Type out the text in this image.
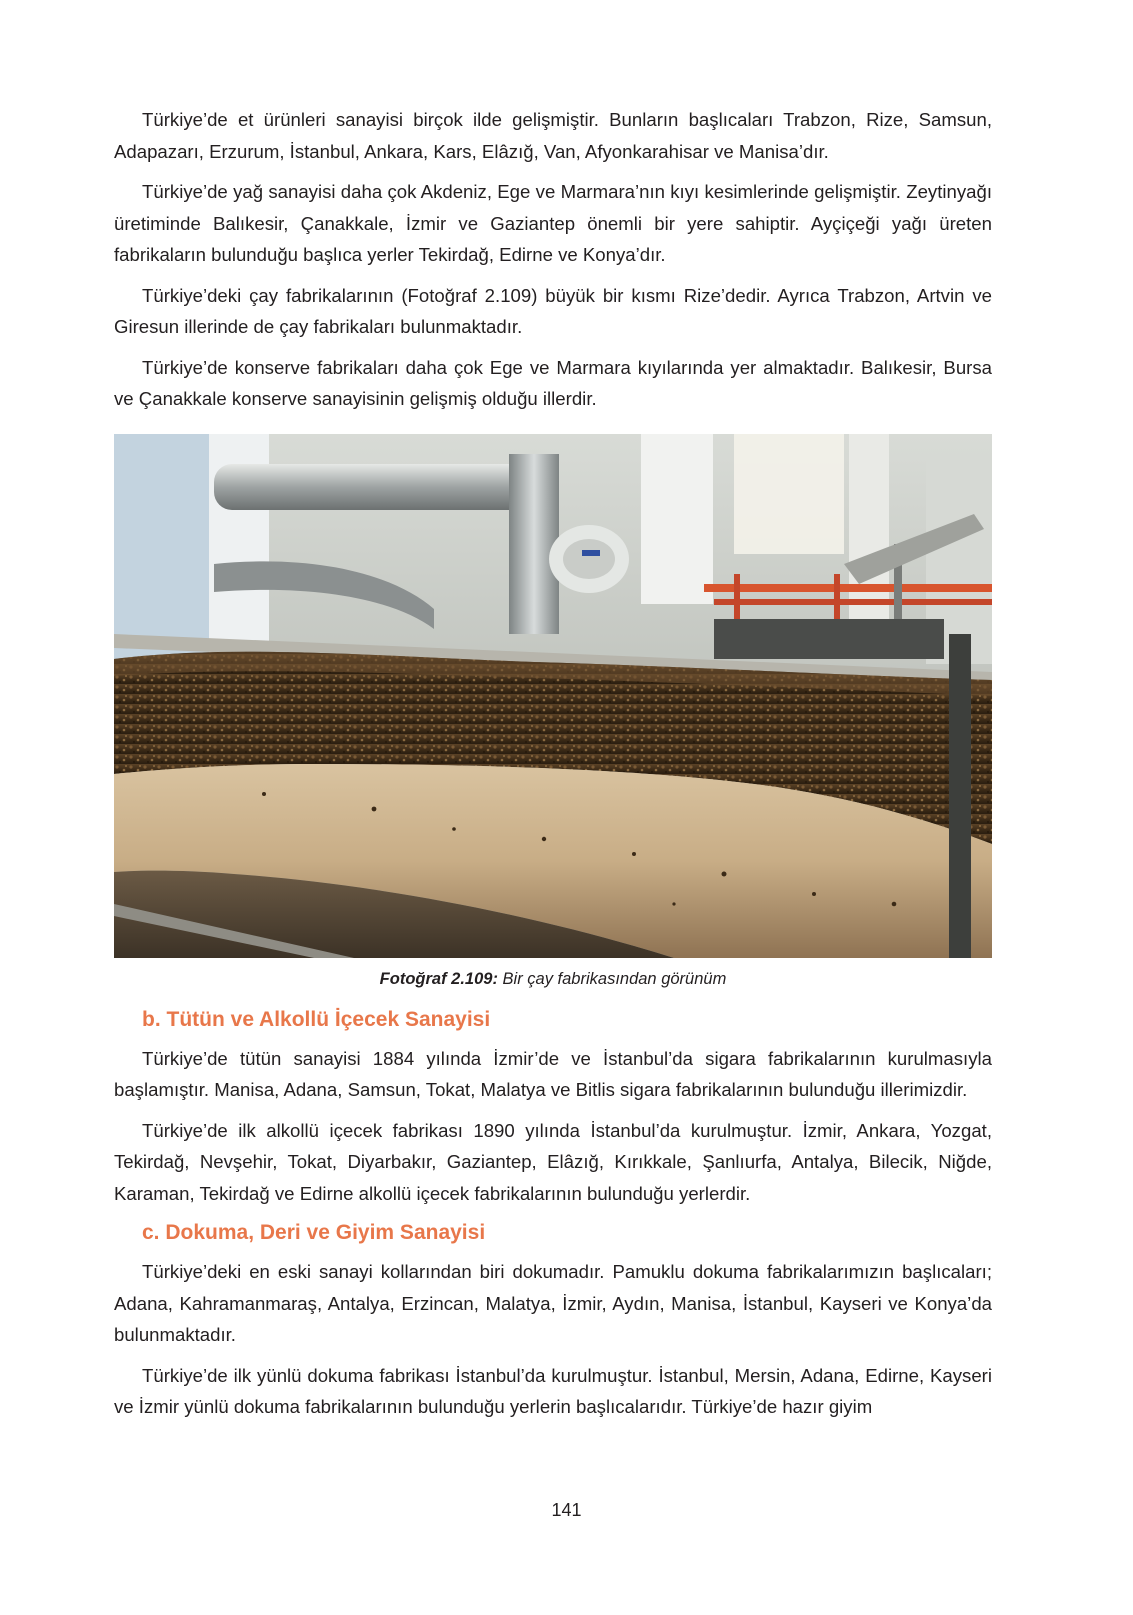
Türkiye’de et ürünleri sanayisi birçok ilde gelişmiştir. Bunların başlıcaları Trabzon, Rize, Samsun, Adapazarı, Erzurum, İstanbul, Ankara, Kars, Elâzığ, Van, Afyonkarahisar ve Manisa’dır.

Türkiye’de yağ sanayisi daha çok Akdeniz, Ege ve Marmara’nın kıyı kesimlerinde gelişmiştir. Zeytinyağı üretiminde Balıkesir, Çanakkale, İzmir ve Gaziantep önemli bir yere sahiptir. Ayçiçeği yağı üreten fabrikaların bulunduğu başlıca yerler Tekirdağ, Edirne ve Konya’dır.

Türkiye’deki çay fabrikalarının (Fotoğraf 2.109) büyük bir kısmı Rize’dedir. Ayrıca Trabzon, Artvin ve Giresun illerinde de çay fabrikaları bulunmaktadır.

Türkiye’de konserve fabrikaları daha çok Ege ve Marmara kıyılarında yer almaktadır. Balıkesir, Bursa ve Çanakkale konserve sanayisinin gelişmiş olduğu illerdir.

Fotoğraf 2.109: Bir çay fabrikasından görünüm
b. Tütün ve Alkollü İçecek Sanayisi

Türkiye’de tütün sanayisi 1884 yılında İzmir’de ve İstanbul’da sigara fabrikalarının kurulmasıyla başlamıştır. Manisa, Adana, Samsun, Tokat, Malatya ve Bitlis sigara fabrikalarının bulunduğu illerimizdir.

Türkiye’de ilk alkollü içecek fabrikası 1890 yılında İstanbul’da kurulmuştur. İzmir, Ankara, Yozgat, Tekirdağ, Nevşehir, Tokat, Diyarbakır, Gaziantep, Elâzığ, Kırıkkale, Şanlıurfa, Antalya, Bilecik, Niğde, Karaman, Tekirdağ ve Edirne alkollü içecek fabrikalarının bulunduğu yerlerdir.

c. Dokuma, Deri ve Giyim Sanayisi

Türkiye’deki en eski sanayi kollarından biri dokumadır. Pamuklu dokuma fabrikalarımızın başlıcaları; Adana, Kahramanmaraş, Antalya, Erzincan, Malatya, İzmir, Aydın, Manisa, İstanbul, Kayseri ve Konya’da bulunmaktadır.

Türkiye’de ilk yünlü dokuma fabrikası İstanbul’da kurulmuştur. İstanbul, Mersin, Adana, Edirne, Kayseri ve İzmir yünlü dokuma fabrikalarının bulunduğu yerlerin başlıcalarıdır. Türkiye’de hazır giyim

141
